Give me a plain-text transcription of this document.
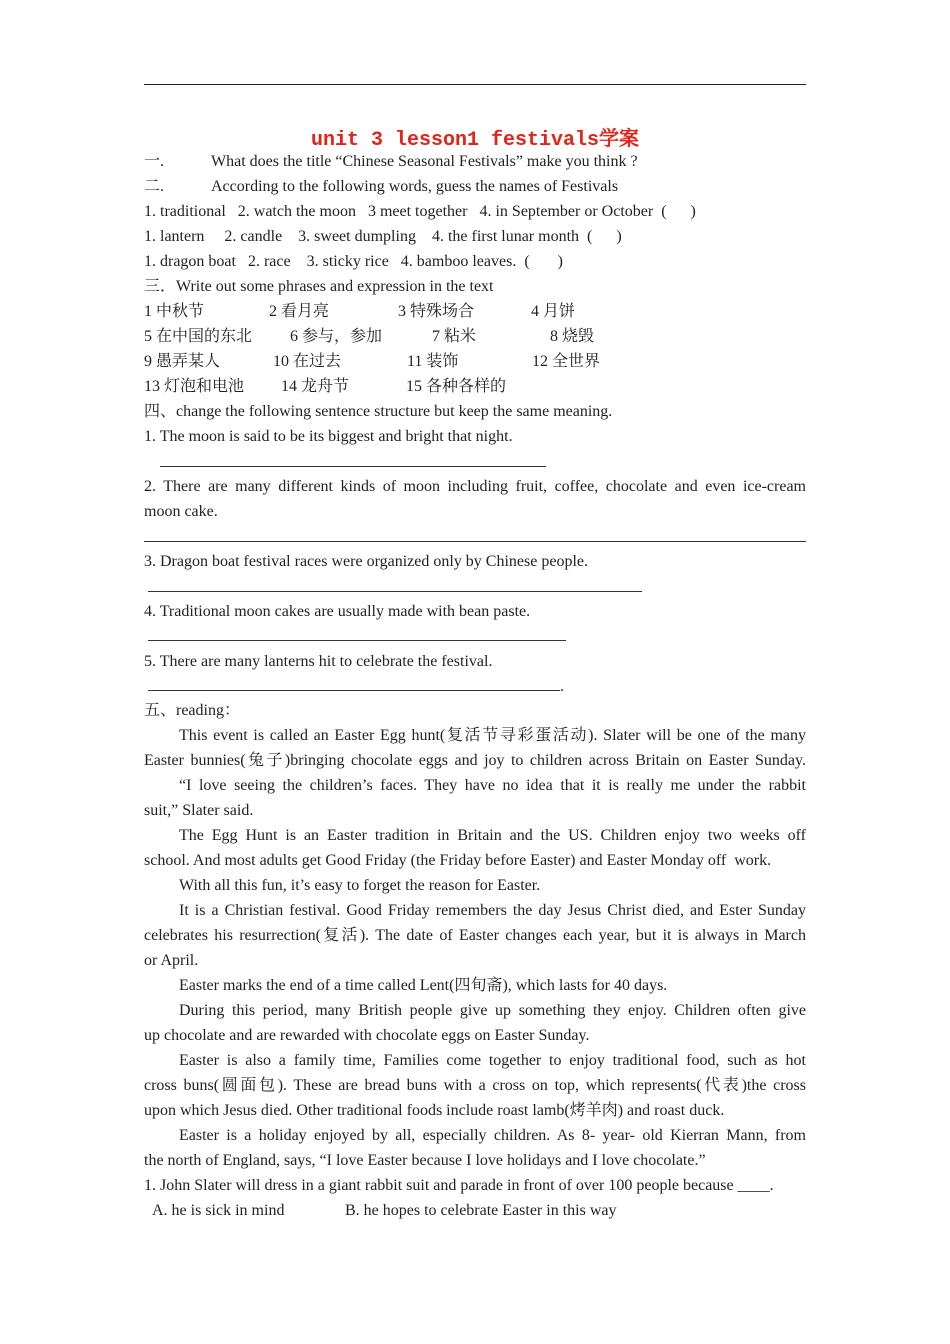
unit 3 lesson1 festivals学案
一.	What does the title “Chinese Seasonal Festivals” make you think ?
二.	According to the following words, guess the names of Festivals
1. traditional   2. watch the moon   3 meet together   4. in September or October  (      )
1. lantern     2. candle    3. sweet dumpling    4. the first lunar month  (      )
1. dragon boat   2. race    3. sticky rice   4. bamboo leaves.  (       )
三．Write out some phrases and expression in the text
1 中秋节	2 看月亮	3 特殊场合	4 月饼
5 在中国的东北 6 参与，参加	7 粘米	8 烧毁
9 愚弄某人	10 在过去	11 装饰	12 全世界
13 灯泡和电池 14 龙舟节	15 各种各样的
四、change the following sentence structure but keep the same meaning.
1. The moon is said to be its biggest and bright that night.
2. There are many different kinds of moon including fruit, coffee, chocolate and even ice-cream
moon cake.
3. Dragon boat festival races were organized only by Chinese people.
4. Traditional moon cakes are usually made with bean paste.
5. There are many lanterns hit to celebrate the festival.
.
五、reading：
This event is called an Easter Egg hunt(复活节寻彩蛋活动). Slater will be one of the many
Easter bunnies(兔子)bringing chocolate eggs and joy to children across Britain on Easter Sunday.
“I love seeing the children’s faces. They have no idea that it is really me under the rabbit
suit,” Slater said.
The Egg Hunt is an Easter tradition in Britain and the US. Children enjoy two weeks off
school. And most adults get Good Friday (the Friday before Easter) and Easter Monday off  work.
With all this fun, it’s easy to forget the reason for Easter.
It is a Christian festival. Good Friday remembers the day Jesus Christ died, and Ester Sunday
celebrates his resurrection(复活). The date of Easter changes each year, but it is always in March
or April.
Easter marks the end of a time called Lent(四旬斋), which lasts for 40 days.
During this period, many British people give up something they enjoy. Children often give
up chocolate and are rewarded with chocolate eggs on Easter Sunday.
Easter is also a family time, Families come together to enjoy traditional food, such as hot
cross buns(圆面包). These are bread buns with a cross on top, which represents(代表)the cross
upon which Jesus died. Other traditional foods include roast lamb(烤羊肉) and roast duck.
Easter is a holiday enjoyed by all, especially children. As 8- year- old Kierran Mann, from
the north of England, says, “I love Easter because I love holidays and I love chocolate.”
1. John Slater will dress in a giant rabbit suit and parade in front of over 100 people because ____.
A. he is sick in mind	B. he hopes to celebrate Easter in this way
